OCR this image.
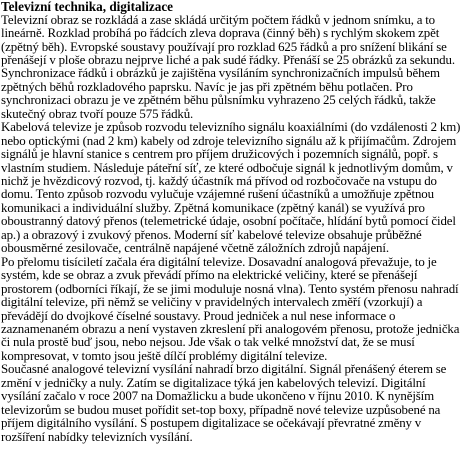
Televizní technika, digitalizace

Televizní obraz se rozkládá a zase skládá určitým počtem řádků v jednom snímku, a to lineárně. Rozklad probíhá po řádcích zleva doprava (činný běh) s rychlým skokem zpět (zpětný běh). Evropské soustavy používají pro rozklad 625 řádků a pro snížení blikání se přenášejí v ploše obrazu nejprve liché a pak sudé řádky. Přenáší se 25 obrázků za sekundu. Synchronizace řádků i obrázků je zajištěna vysíláním synchronizačních impulsů během zpětných běhů rozkladového paprsku. Navíc je jas při zpětném běhu potlačen. Pro synchronizaci obrazu je ve zpětném běhu půlsnímku vyhrazeno 25 celých řádků, takže skutečný obraz tvoří pouze 575 řádků.

Kabelová televize je způsob rozvodu televizního signálu koaxiálními (do vzdálenosti 2 km) nebo optickými (nad 2 km) kabely od zdroje televizního signálu až k přijímačům. Zdrojem signálů je hlavní stanice s centrem pro příjem družicových i pozemních signálů, popř. s vlastním studiem. Následuje páteřní síť, ze které odbočuje signál k jednotlivým domům, v nichž je hvězdicový rozvod, tj. každý účastník má přívod od rozbočovače na vstupu do domu. Tento způsob rozvodu vylučuje vzájemné rušení účastníků a umožňuje zpětnou komunikaci a individuální služby. Zpětná komunikace (zpětný kanál) se využívá pro oboustranný datový přenos (telemetrické údaje, osobní počítače, hlídání bytů pomocí čidel ap.) a obrazový i zvukový přenos. Moderní síť kabelové televize obsahuje průběžné obousměrné zesilovače, centrálně napájené včetně záložních zdrojů napájení.

Po přelomu tisíciletí začala éra digitální televize. Dosavadní analogová převažuje, to je systém, kde se obraz a zvuk převádí přímo na elektrické veličiny, které se přenášejí prostorem (odborníci říkají, že se jimi moduluje nosná vlna). Tento systém přenosu nahradí digitální televize, při němž se veličiny v pravidelných intervalech změří (vzorkují) a převádějí do dvojkové číselné soustavy. Proud jedniček a nul nese informace o zaznamenaném obrazu a není vystaven zkreslení při analogovém přenosu, protože jednička či nula prostě buď jsou, nebo nejsou. Jde však o tak velké množství dat, že se musí kompresovat, v tomto jsou ještě dílčí problémy digitální televize.

Současné analogové televizní vysílání nahradí brzo digitální. Signál přenášený éterem se změní v jedničky a nuly. Zatím se digitalizace týká jen kabelových televizí. Digitální vysílání začalo v roce 2007 na Domažlicku a bude ukončeno v říjnu 2010. K nynějším televizorům se budou muset pořídit set-top boxy, případně nové televize uzpůsobené na příjem digitálního vysílání. S postupem digitalizace se očekávají převratné změny v rozšíření nabídky televizních vysílání.
